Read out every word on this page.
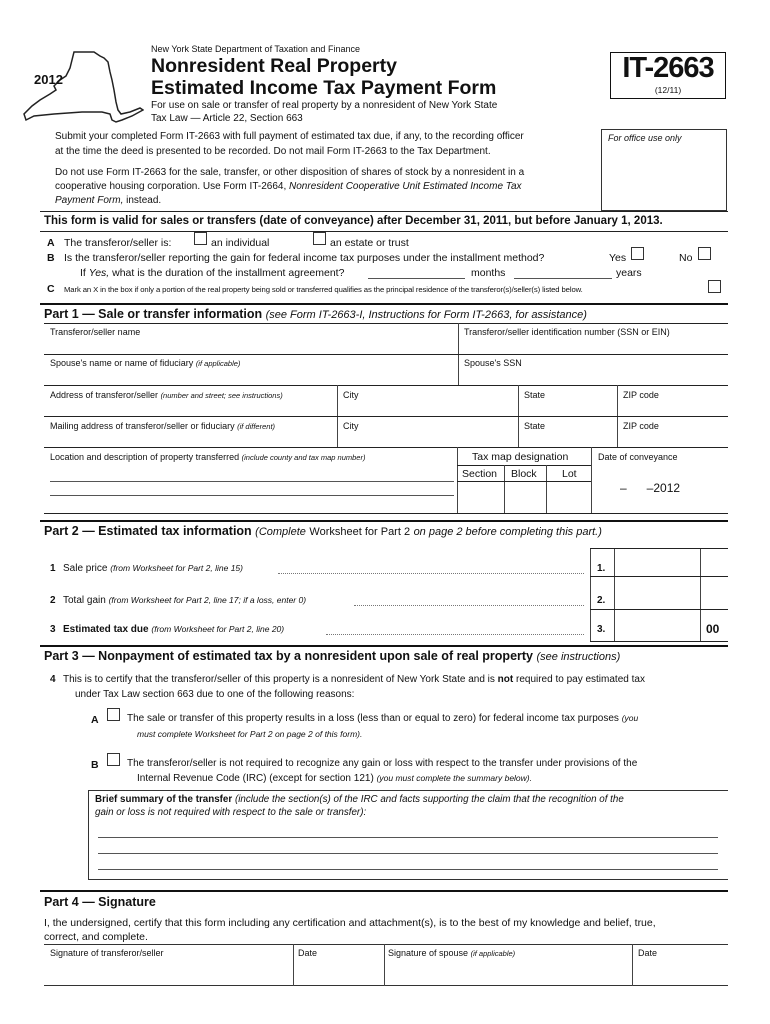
New York State Department of Taxation and Finance
2012
Nonresident Real Property
Estimated Income Tax Payment Form
For use on sale or transfer of real property by a nonresident of New York State
Tax Law — Article 22, Section 663
IT-2663
(12/11)
For office use only
Submit your completed Form IT-2663 with full payment of estimated tax due, if any, to the recording officer
at the time the deed is presented to be recorded. Do not mail Form IT-2663 to the Tax Department.
Do not use Form IT-2663 for the sale, transfer, or other disposition of shares of stock by a nonresident in a
cooperative housing corporation. Use Form IT-2664, Nonresident Cooperative Unit Estimated Income Tax
Payment Form, instead.
This form is valid for sales or transfers (date of conveyance) after December 31, 2011, but before January 1, 2013.
A The transferor/seller is:	an individual	an estate or trust
B Is the transferor/seller reporting the gain for federal income tax purposes under the installment method?	Yes	No
If Yes, what is the duration of the installment agreement?	months	years
C Mark an X in the box if only a portion of the real property being sold or transferred qualifies as the principal residence of the transferor(s)/seller(s) listed below.
Part 1 — Sale or transfer information (see Form IT-2663-I, Instructions for Form IT-2663, for assistance)
Transferor/seller name	Transferor/seller identification number (SSN or EIN)
Spouse's name or name of fiduciary (if applicable)	Spouse's SSN
Address of transferor/seller (number and street; see instructions)	City	State	ZIP code
Mailing address of transferor/seller or fiduciary (if different)	City	State	ZIP code
Location and description of property transferred (include county and tax map number)	Tax map designation
Section Block Lot
Date of conveyance
–      –2012
Part 2 — Estimated tax information (Complete Worksheet for Part 2 on page 2 before completing this part.)
1 Sale price (from Worksheet for Part 2, line 15)	1.
2 Total gain (from Worksheet for Part 2, line 17; if a loss, enter 0)	2.
3 Estimated tax due (from Worksheet for Part 2, line 20)	3.	00
Part 3 — Nonpayment of estimated tax by a nonresident upon sale of real property (see instructions)
4 This is to certify that the transferor/seller of this property is a nonresident of New York State and is not required to pay estimated tax
under Tax Law section 663 due to one of the following reasons:
A	The sale or transfer of this property results in a loss (less than or equal to zero) for federal income tax purposes (you
must complete Worksheet for Part 2 on page 2 of this form).
B	The transferor/seller is not required to recognize any gain or loss with respect to the transfer under provisions of the
Internal Revenue Code (IRC) (except for section 121) (you must complete the summary below).
Brief summary of the transfer (include the section(s) of the IRC and facts supporting the claim that the recognition of the
gain or loss is not required with respect to the sale or transfer):
Part 4 — Signature
I, the undersigned, certify that this form including any certification and attachment(s), is to the best of my knowledge and belief, true,
correct, and complete.
Signature of transferor/seller	Date	Signature of spouse (if applicable)	Date
